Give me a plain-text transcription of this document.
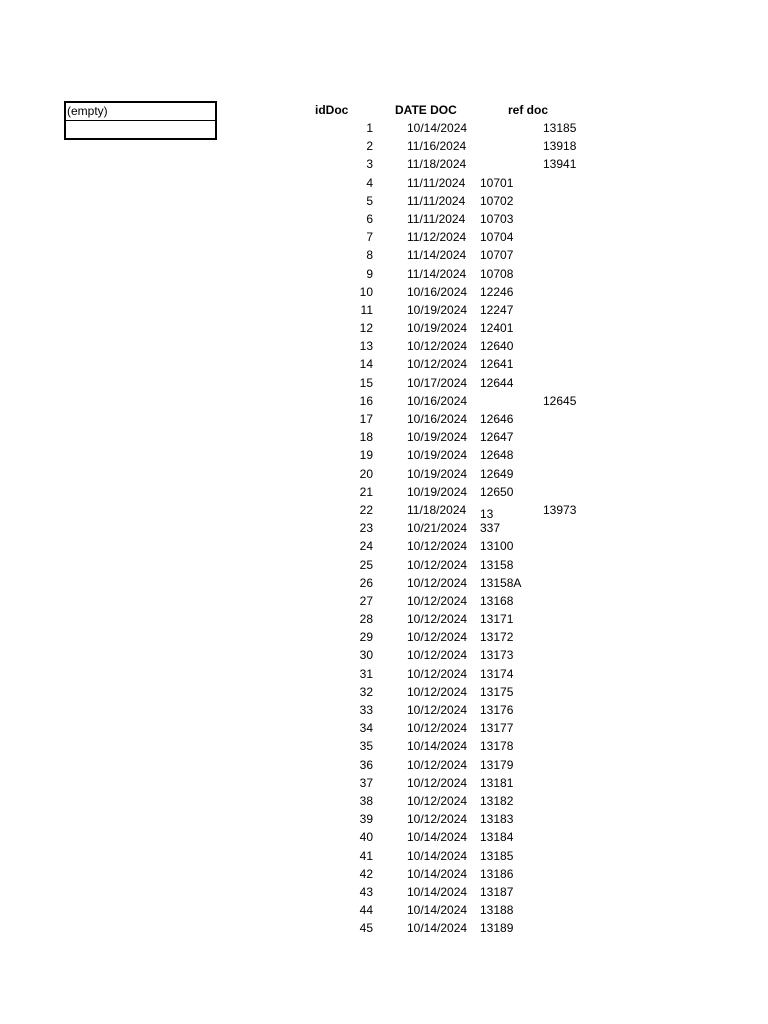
(empty)	idDoc	DATE DOC	ref doc
1	10/14/2024	13185
2	11/16/2024	13918
3	11/18/2024	13941
4	11/11/2024 10701
5	11/11/2024 10702
6	11/11/2024 10703
7	11/12/2024 10704
8	11/14/2024 10707
9	11/14/2024 10708
10	10/16/2024 12246
11	10/19/2024 12247
12	10/19/2024 12401
13	10/12/2024 12640
14	10/12/2024 12641
15	10/17/2024 12644
16	10/16/2024	12645
17	10/16/2024 12646
18	10/19/2024 12647
19	10/19/2024 12648
20	10/19/2024 12649
21	10/19/2024 12650
22	11/18/2024 13	13973
23	10/21/2024 337
24	10/12/2024 13100
25	10/12/2024 13158
26	10/12/2024 13158A
27	10/12/2024 13168
28	10/12/2024 13171
29	10/12/2024 13172
30	10/12/2024 13173
31	10/12/2024 13174
32	10/12/2024 13175
33	10/12/2024 13176
34	10/12/2024 13177
35	10/14/2024 13178
36	10/12/2024 13179
37	10/12/2024 13181
38	10/12/2024 13182
39	10/12/2024 13183
40	10/14/2024 13184
41	10/14/2024 13185
42	10/14/2024 13186
43	10/14/2024 13187
44	10/14/2024 13188
45	10/14/2024 13189
